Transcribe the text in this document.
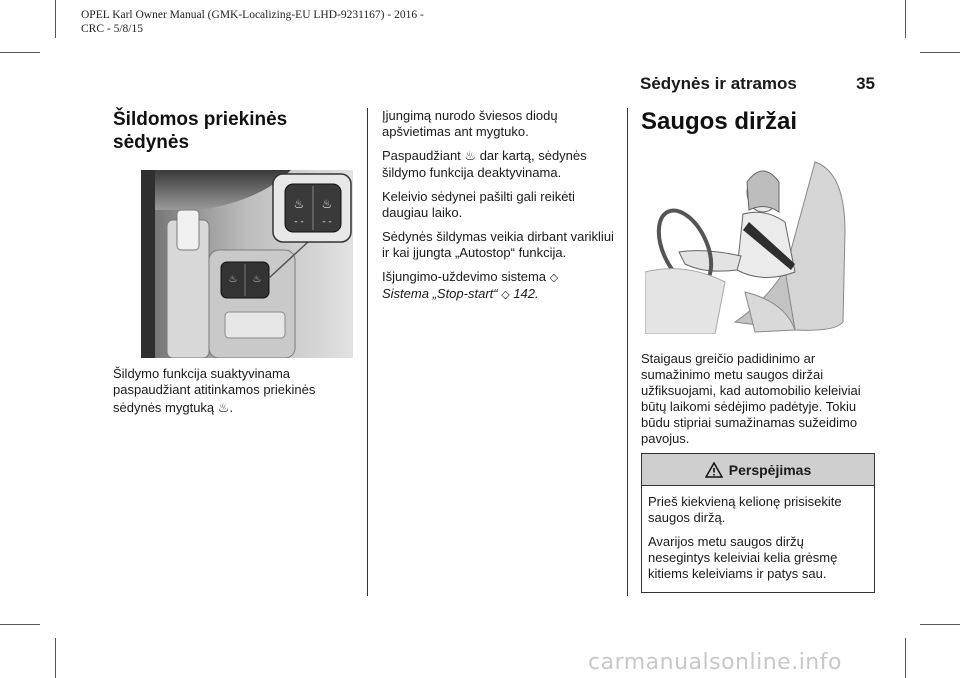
OPEL Karl Owner Manual (GMK-Localizing-EU LHD-9231167) - 2016 -
CRC - 5/8/15
Sėdynės ir atramos	35
Šildomos priekinės sėdynės
♨ ♨
♨ ♨
- - - -
Šildymo funkcija suaktyvinama
paspaudžiant atitinkamos priekinės
sėdynės mygtuką ♨.
Įjungimą nurodo šviesos diodų apšvietimas ant mygtuko.
Paspaudžiant ♨ dar kartą, sėdynės šildymo funkcija deaktyvinama.
Keleivio sėdynei pašilti gali reikėti daugiau laiko.
Sėdynės šildymas veikia dirbant varikliui ir kai įjungta „Autostop“ funkcija.
Išjungimo-uždevimo sistema ◇
Sistema „Stop-start“ ◇ 142.
Saugos diržai
Staigaus greičio padidinimo ar sumažinimo metu saugos diržai užfiksuojami, kad automobilio keleiviai būtų laikomi sėdėjimo padėtyje. Tokiu būdu stipriai sumažinamas sužeidimo pavojus.
Perspėjimas
Prieš kiekvieną kelionę prisisekite saugos diržą.
Avarijos metu saugos diržų nesegintys keleiviai kelia grėsmę kitiems keleiviams ir patys sau.
carmanualsonline.info
